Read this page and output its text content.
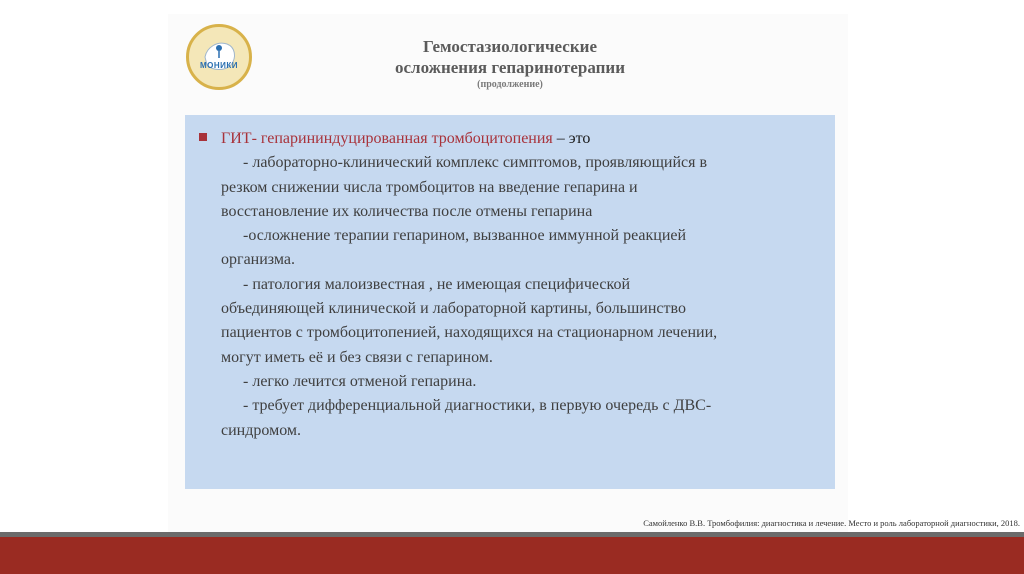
МОНИКИ
Гемостазиологические
осложнения гепаринотерапии
(продолжение)
ГИТ- гепарининдуцированная тромбоцитопения – это
- лабораторно-клинический комплекс симптомов, проявляющийся в
резком снижении числа тромбоцитов на введение гепарина и
восстановление их количества после отмены гепарина
-осложнение терапии гепарином, вызванное иммунной реакцией
организма.
- патология малоизвестная , не имеющая специфической
объединяющей клинической и лабораторной картины, большинство
пациентов с тромбоцитопенией, находящихся на стационарном лечении,
могут иметь её и без связи с гепарином.
- легко лечится отменой гепарина.
- требует дифференциальной диагностики, в первую очередь с ДВС-
синдромом.
Самойленко В.В. Тромбофилия: диагностика и лечение. Место и роль лабораторной диагностики, 2018.
